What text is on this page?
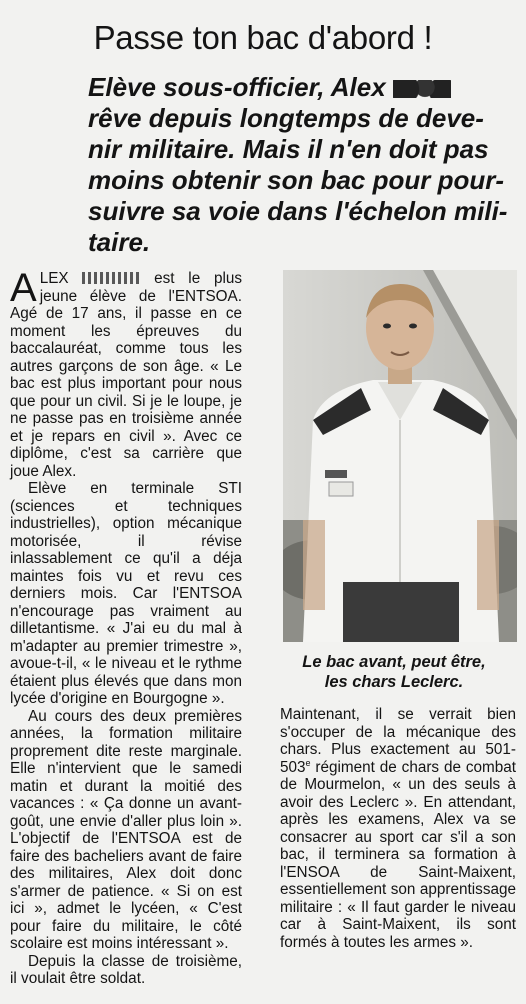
Passe ton bac d'abord !
Elève sous-officier, Alex
rêve depuis longtemps de deve-
nir militaire. Mais il n'en doit pas
moins obtenir son bac pour pour-
suivre sa voie dans l'échelon mili-
taire.

A LEX	est le plus jeune élève de l'ENTSOA. Agé de 17 ans, il passe en ce moment les épreuves du baccalauréat, comme tous les autres garçons de son âge. « Le bac est plus important pour nous que pour un civil. Si je le loupe, je ne passe pas en troisième année et je repars en civil ». Avec ce diplôme, c'est sa carrière que joue Alex.

Elève en terminale STI (sciences et techniques industrielles), option mécanique motorisée, il révise inlassablement ce qu'il a déja maintes fois vu et revu ces derniers mois. Car l'ENTSOA n'encourage pas vraiment au dilletantisme. « J'ai eu du mal à m'adapter au premier trimestre », avoue-t-il, « le niveau et le rythme étaient plus élevés que dans mon lycée d'origine en Bourgogne ».

Au cours des deux premières années, la formation militaire proprement dite reste marginale. Elle n'intervient que le samedi matin et durant la moitié des vacances : « Ça donne un avant-goût, une envie d'aller plus loin ». L'objectif de l'ENTSOA est de faire des bacheliers avant de faire des militaires, Alex doit donc s'armer de patience. « Si on est ici », admet le lycéen, « C'est pour faire du militaire, le côté scolaire est moins intéressant ».

Depuis la classe de troisième, il voulait être soldat.

Le bac avant, peut être,
les chars Leclerc.

Maintenant, il se verrait bien s'occuper de la mécanique des chars. Plus exactement au 501-503e régiment de chars de combat de Mourmelon, « un des seuls à avoir des Leclerc ». En attendant, après les examens, Alex va se consacrer au sport car s'il a son bac, il terminera sa formation à l'ENSOA de Saint-Maixent, essentiellement son apprentissage militaire : « Il faut garder le niveau car à Saint-Maixent, ils sont formés à toutes les armes ».
